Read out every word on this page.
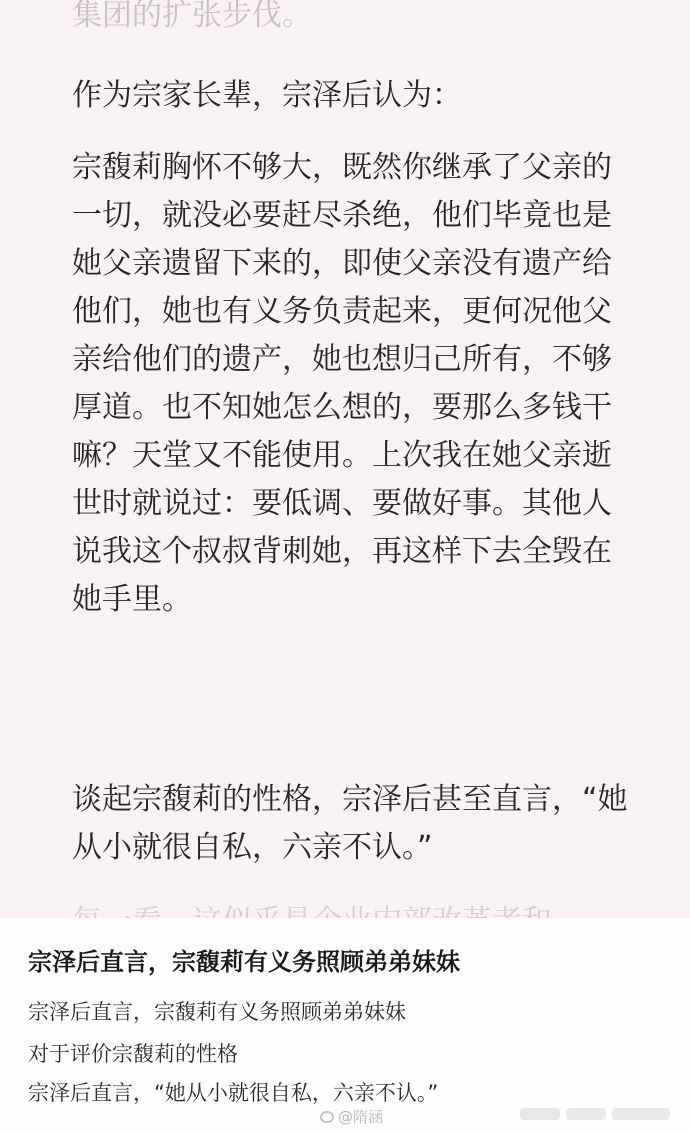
集团的扩张步伐。

作为宗家长辈，宗泽后认为：

宗馥莉胸怀不够大，既然你继承了父亲的一切，就没必要赶尽杀绝，他们毕竟也是她父亲遗留下来的，即使父亲没有遗产给他们，她也有义务负责起来，更何况他父亲给他们的遗产，她也想归己所有，不够厚道。也不知她怎么想的，要那么多钱干嘛？天堂又不能使用。上次我在她父亲逝世时就说过：要低调、要做好事。其他人说我这个叔叔背刺她，再这样下去全毁在她手里。

谈起宗馥莉的性格，宗泽后甚至直言，“她从小就很自私，六亲不认。”

宗泽后直言，宗馥莉有义务照顾弟弟妹妹

宗泽后直言，宗馥莉有义务照顾弟弟妹妹

对于评价宗馥莉的性格

宗泽后直言，“她从小就很自私，六亲不认。”

@隋涵
